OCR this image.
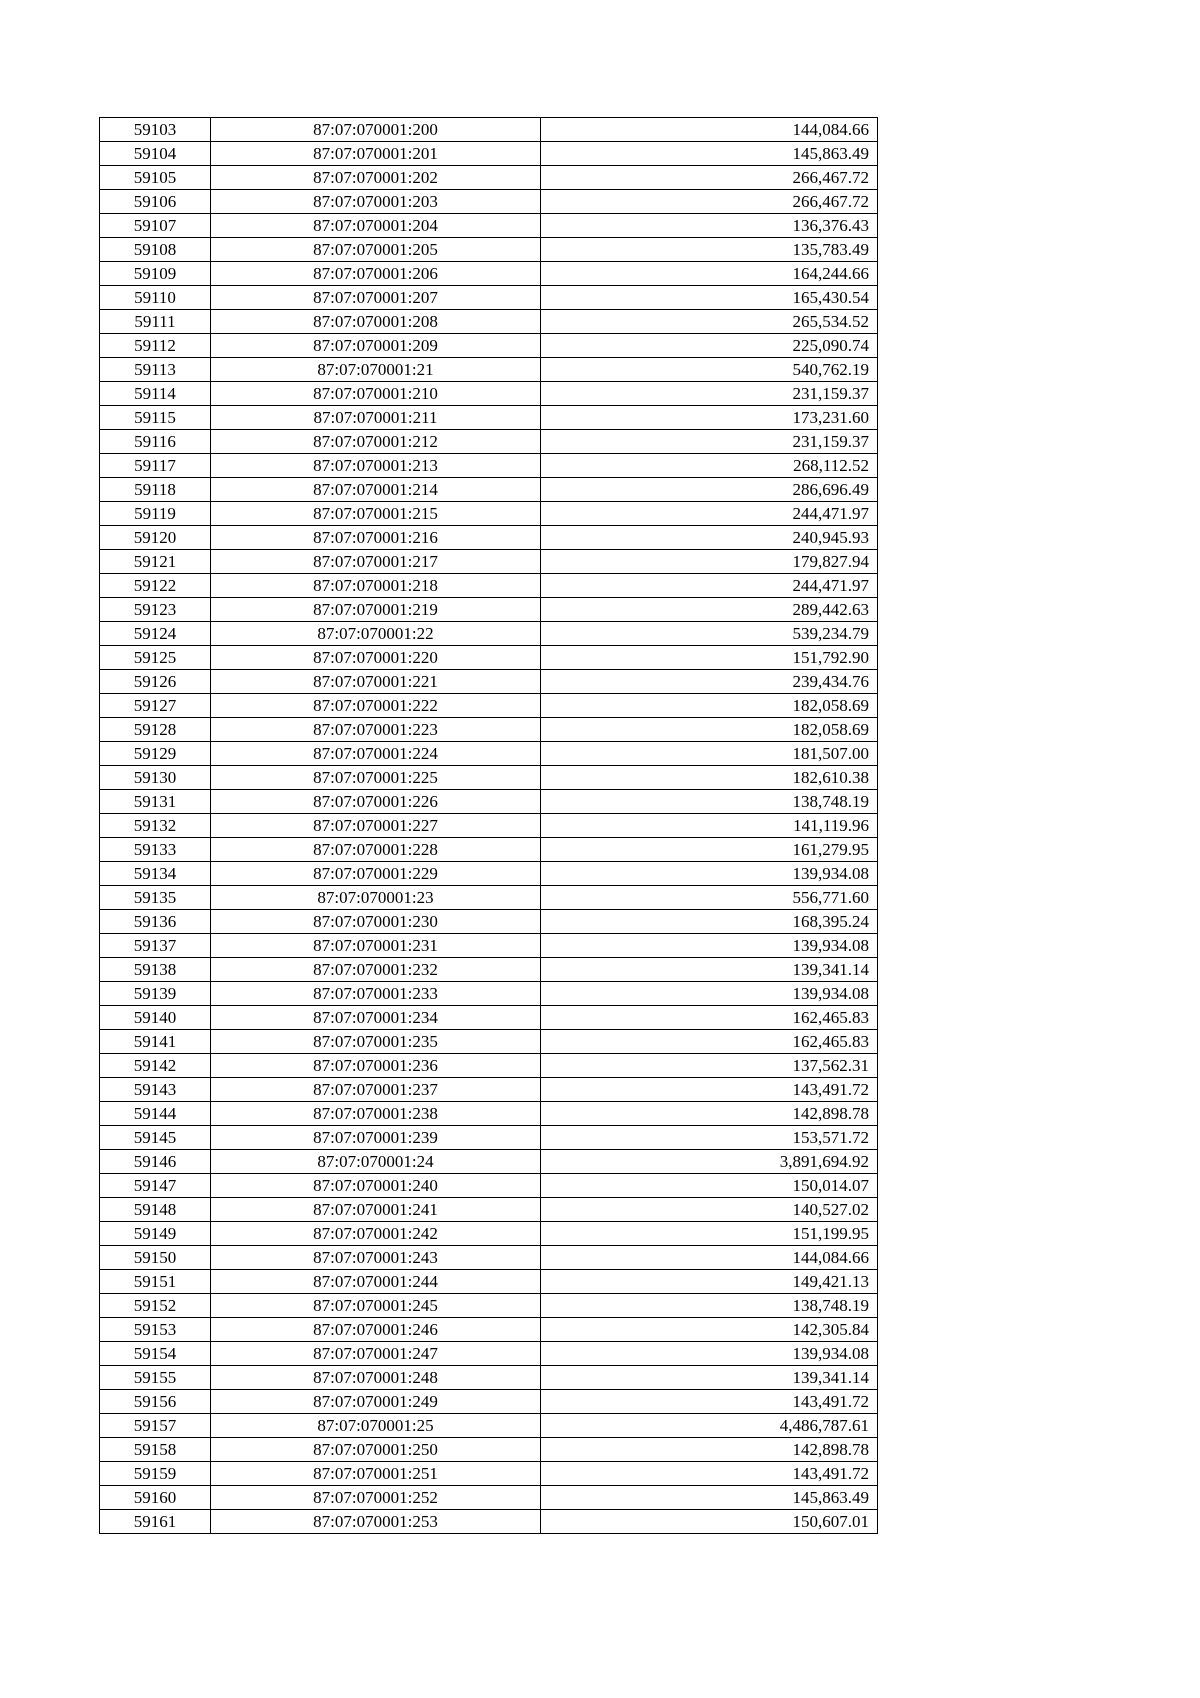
59103	87:07:070001:200	144,084.66
59104	87:07:070001:201	145,863.49
59105	87:07:070001:202	266,467.72
59106	87:07:070001:203	266,467.72
59107	87:07:070001:204	136,376.43
59108	87:07:070001:205	135,783.49
59109	87:07:070001:206	164,244.66
59110	87:07:070001:207	165,430.54
59111	87:07:070001:208	265,534.52
59112	87:07:070001:209	225,090.74
59113	87:07:070001:21	540,762.19
59114	87:07:070001:210	231,159.37
59115	87:07:070001:211	173,231.60
59116	87:07:070001:212	231,159.37
59117	87:07:070001:213	268,112.52
59118	87:07:070001:214	286,696.49
59119	87:07:070001:215	244,471.97
59120	87:07:070001:216	240,945.93
59121	87:07:070001:217	179,827.94
59122	87:07:070001:218	244,471.97
59123	87:07:070001:219	289,442.63
59124	87:07:070001:22	539,234.79
59125	87:07:070001:220	151,792.90
59126	87:07:070001:221	239,434.76
59127	87:07:070001:222	182,058.69
59128	87:07:070001:223	182,058.69
59129	87:07:070001:224	181,507.00
59130	87:07:070001:225	182,610.38
59131	87:07:070001:226	138,748.19
59132	87:07:070001:227	141,119.96
59133	87:07:070001:228	161,279.95
59134	87:07:070001:229	139,934.08
59135	87:07:070001:23	556,771.60
59136	87:07:070001:230	168,395.24
59137	87:07:070001:231	139,934.08
59138	87:07:070001:232	139,341.14
59139	87:07:070001:233	139,934.08
59140	87:07:070001:234	162,465.83
59141	87:07:070001:235	162,465.83
59142	87:07:070001:236	137,562.31
59143	87:07:070001:237	143,491.72
59144	87:07:070001:238	142,898.78
59145	87:07:070001:239	153,571.72
59146	87:07:070001:24	3,891,694.92
59147	87:07:070001:240	150,014.07
59148	87:07:070001:241	140,527.02
59149	87:07:070001:242	151,199.95
59150	87:07:070001:243	144,084.66
59151	87:07:070001:244	149,421.13
59152	87:07:070001:245	138,748.19
59153	87:07:070001:246	142,305.84
59154	87:07:070001:247	139,934.08
59155	87:07:070001:248	139,341.14
59156	87:07:070001:249	143,491.72
59157	87:07:070001:25	4,486,787.61
59158	87:07:070001:250	142,898.78
59159	87:07:070001:251	143,491.72
59160	87:07:070001:252	145,863.49
59161	87:07:070001:253	150,607.01
